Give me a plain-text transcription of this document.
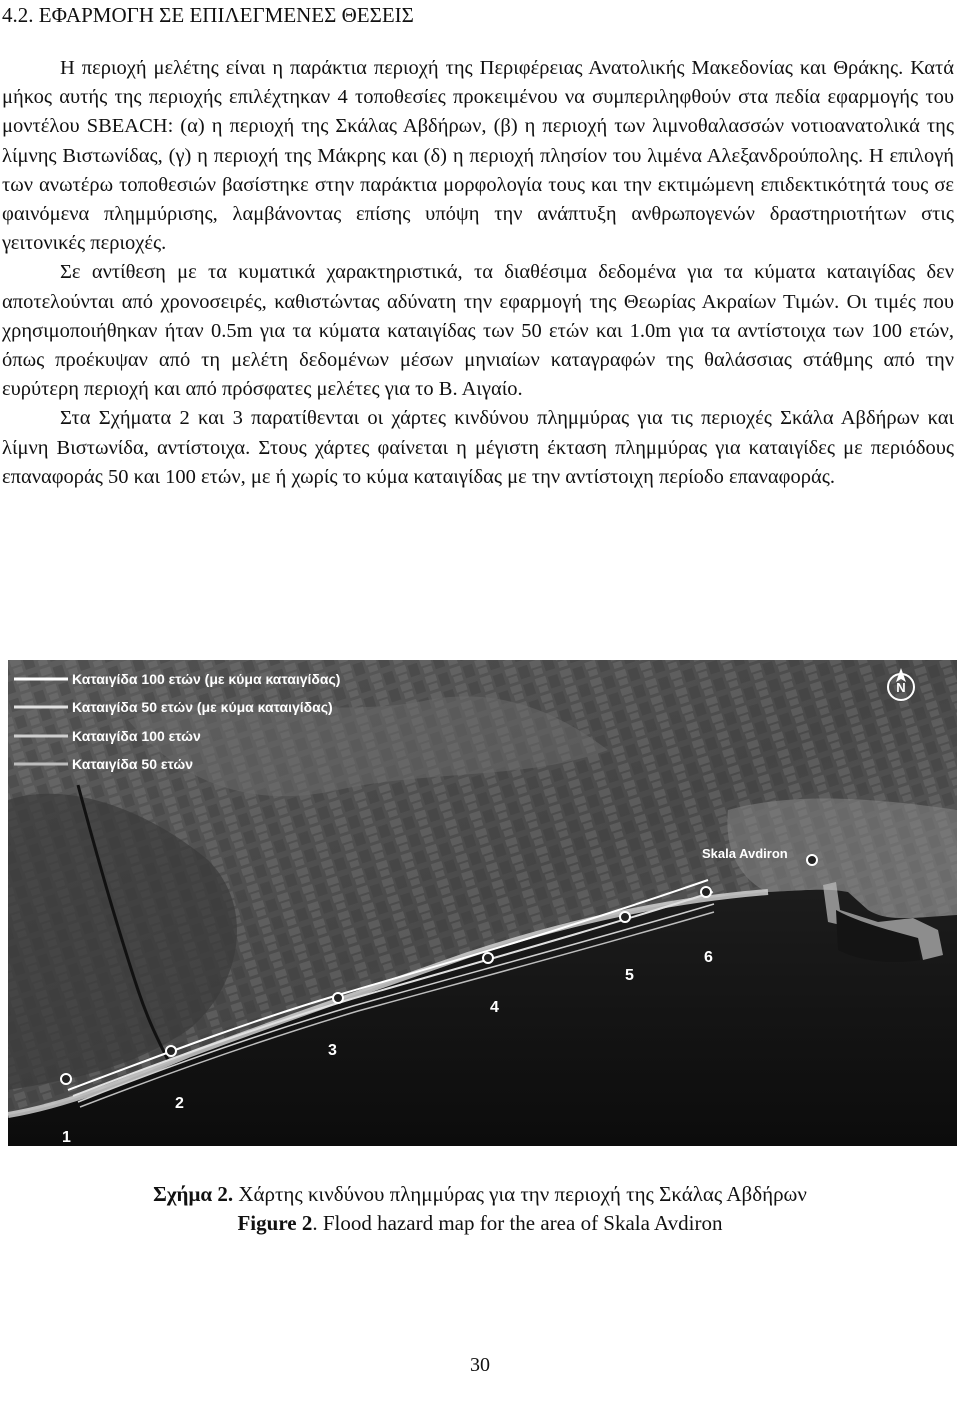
4.2. ΕΦΑΡΜΟΓΗ ΣΕ ΕΠΙΛΕΓΜΕΝΕΣ ΘΕΣΕΙΣ

Η περιοχή μελέτης είναι η παράκτια περιοχή της Περιφέρειας Ανατολικής Μακεδονίας και Θράκης. Κατά μήκος αυτής της περιοχής επιλέχτηκαν 4 τοποθεσίες προκειμένου να συμπεριληφθούν στα πεδία εφαρμογής του μοντέλου SBEACH: (α) η περιοχή της Σκάλας Αβδήρων, (β) η περιοχή των λιμνοθαλασσών νοτιοανατολικά της λίμνης Βιστωνίδας, (γ) η περιοχή της Μάκρης και (δ) η περιοχή πλησίον του λιμένα Αλεξανδρούπολης. Η επιλογή των ανωτέρω τοποθεσιών βασίστηκε στην παράκτια μορφολογία τους και την εκτιμώμενη επιδεκτικότητά τους σε φαινόμενα πλημμύρισης, λαμβάνοντας επίσης υπόψη την ανάπτυξη ανθρωπογενών δραστηριοτήτων στις γειτονικές περιοχές.

Σε αντίθεση με τα κυματικά χαρακτηριστικά, τα διαθέσιμα δεδομένα για τα κύματα καταιγίδας δεν αποτελούνται από χρονοσειρές, καθιστώντας αδύνατη την εφαρμογή της Θεωρίας Ακραίων Τιμών. Οι τιμές που χρησιμοποιήθηκαν ήταν 0.5m για τα κύματα καταιγίδας των 50 ετών και 1.0m για τα αντίστοιχα των 100 ετών, όπως προέκυψαν από τη μελέτη δεδομένων μέσων μηνιαίων καταγραφών της θαλάσσιας στάθμης από την ευρύτερη περιοχή και από πρόσφατες μελέτες για το Β. Αιγαίο.

Στα Σχήματα 2 και 3 παρατίθενται οι χάρτες κινδύνου πλημμύρας για τις περιοχές Σκάλα Αβδήρων και λίμνη Βιστωνίδα, αντίστοιχα. Στους χάρτες φαίνεται η μέγιστη έκταση πλημμύρας για καταιγίδες με περιόδους επαναφοράς 50 και 100 ετών, με ή χωρίς το κύμα καταιγίδας με την αντίστοιχη περίοδο επαναφοράς.

Καταιγίδα 100 ετών (με κύμα καταιγίδας)
Καταιγίδα 50 ετών (με κύμα καταιγίδας)
Καταιγίδα 100 ετών
Καταιγίδα 50 ετών
N
Skala Avdiron
1
2
3
4
5
6
Σχήμα 2. Χάρτης κινδύνου πλημμύρας για την περιοχή της Σκάλας Αβδήρων
Figure 2. Flood hazard map for the area of Skala Avdiron
30
